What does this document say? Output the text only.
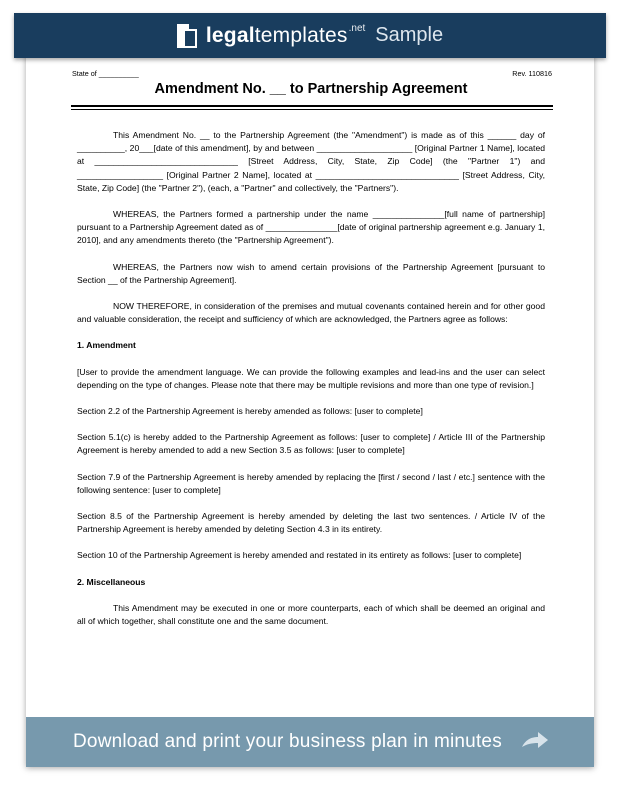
legaltemplates .net Sample
State of __________	Rev. 110816
Amendment No. __ to Partnership Agreement

This Amendment No. __ to the Partnership Agreement (the "Amendment") is made as of this ______ day of __________, 20___[date of this amendment], by and between ____________________ [Original Partner 1 Name], located at ______________________________ [Street Address, City, State, Zip Code] (the "Partner 1") and __________________ [Original Partner 2 Name], located at ______________________________ [Street Address, City, State, Zip Code] (the "Partner 2"), (each, a "Partner" and collectively, the "Partners").

WHEREAS, the Partners formed a partnership under the name _______________[full name of partnership] pursuant to a Partnership Agreement dated as of _______________[date of original partnership agreement e.g. January 1, 2010], and any amendments thereto (the "Partnership Agreement").

WHEREAS, the Partners now wish to amend certain provisions of the Partnership Agreement [pursuant to Section __ of the Partnership Agreement].

NOW THEREFORE, in consideration of the premises and mutual covenants contained herein and for other good and valuable consideration, the receipt and sufficiency of which are acknowledged, the Partners agree as follows:

1. Amendment

[User to provide the amendment language. We can provide the following examples and lead-ins and the user can select depending on the type of changes. Please note that there may be multiple revisions and more than one type of revision.]

Section 2.2 of the Partnership Agreement is hereby amended as follows: [user to complete]

Section 5.1(c) is hereby added to the Partnership Agreement as follows: [user to complete] / Article III of the Partnership Agreement is hereby amended to add a new Section 3.5 as follows: [user to complete]

Section 7.9 of the Partnership Agreement is hereby amended by replacing the [first / second / last / etc.] sentence with the following sentence: [user to complete]

Section 8.5 of the Partnership Agreement is hereby amended by deleting the last two sentences. / Article IV of the Partnership Agreement is hereby amended by deleting Section 4.3 in its entirety.

Section 10 of the Partnership Agreement is hereby amended and restated in its entirety as follows: [user to complete]

2. Miscellaneous

This Amendment may be executed in one or more counterparts, each of which shall be deemed an original and all of which together, shall constitute one and the same document.

Download and print your business plan in minutes
